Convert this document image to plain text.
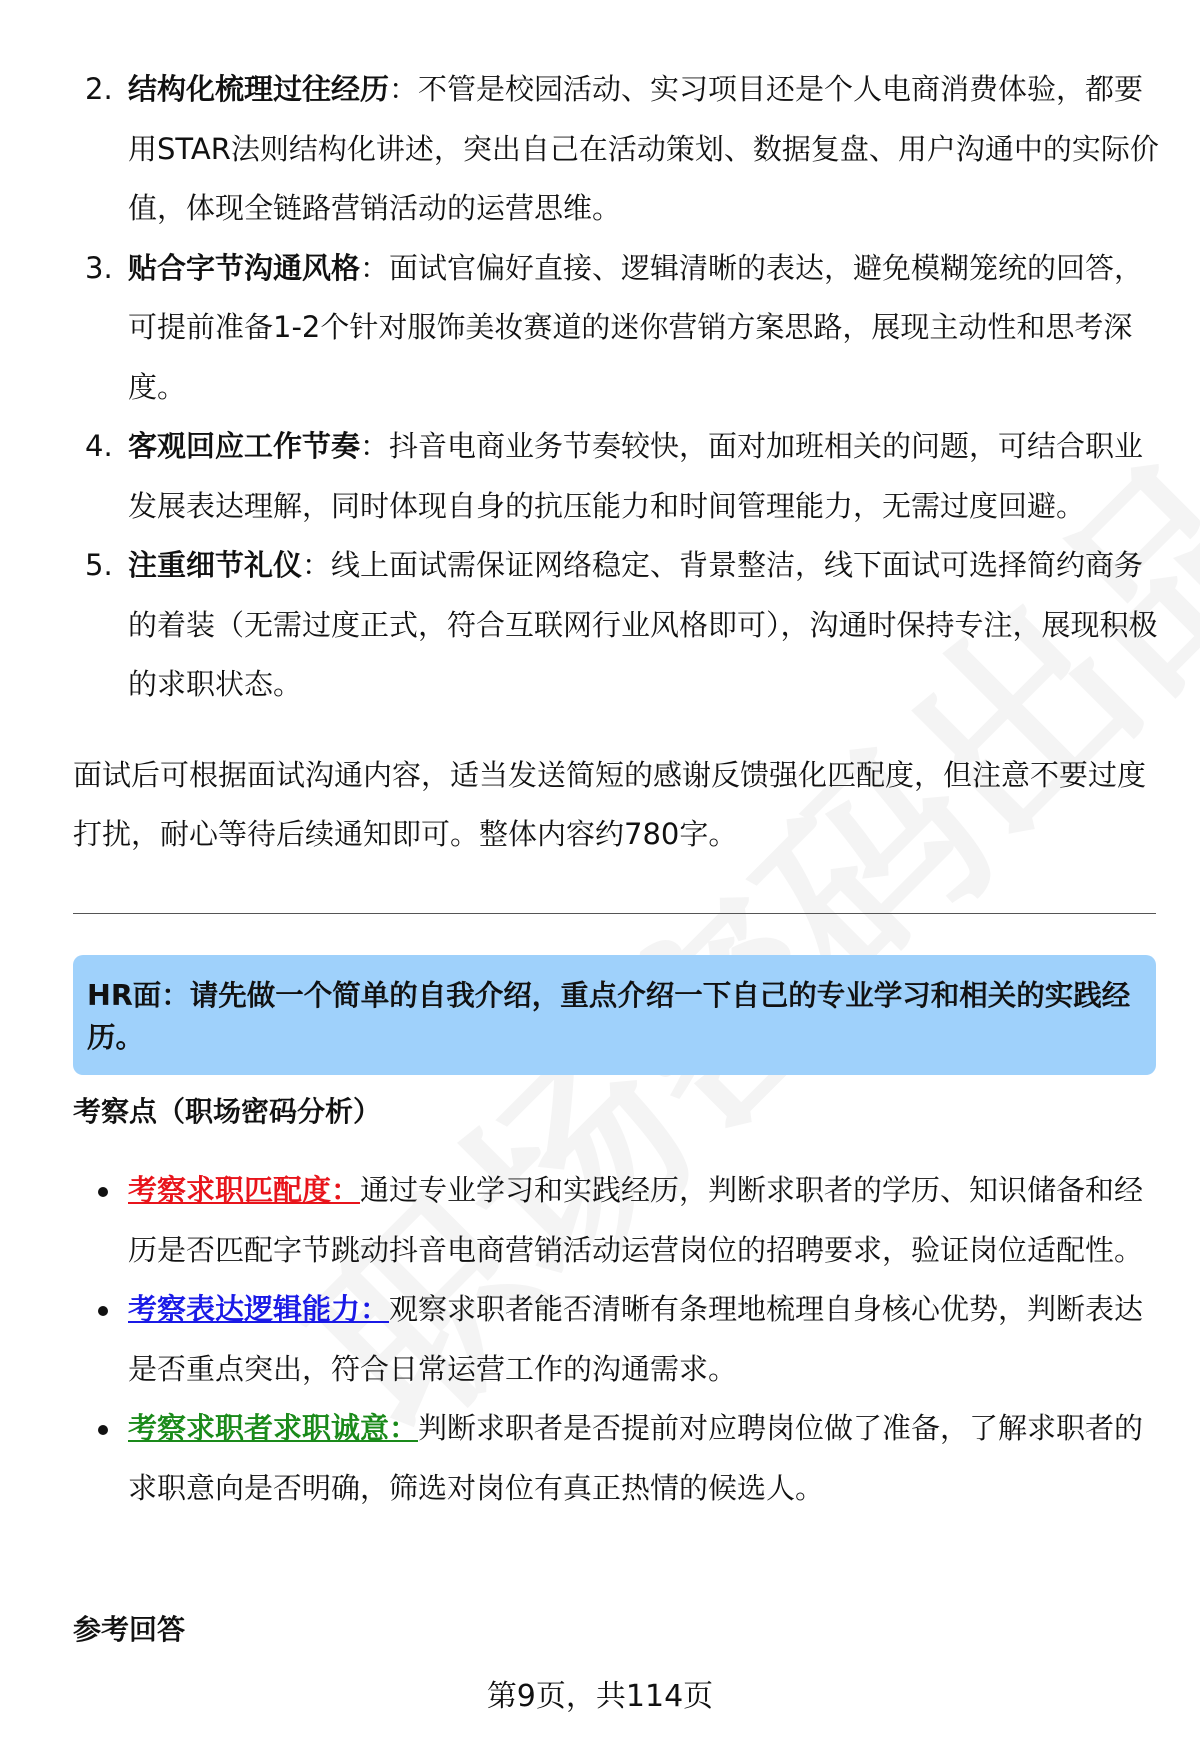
2. 结构化梳理过往经历：不管是校园活动、实习项目还是个人电商消费体验，都要用STAR法则结构化讲述，突出自己在活动策划、数据复盘、用户沟通中的实际价值，体现全链路营销活动的运营思维。
3. 贴合字节沟通风格：面试官偏好直接、逻辑清晰的表达，避免模糊笼统的回答，可提前准备1-2个针对服饰美妆赛道的迷你营销方案思路，展现主动性和思考深度。
4. 客观回应工作节奏：抖音电商业务节奏较快，面对加班相关的问题，可结合职业发展表达理解，同时体现自身的抗压能力和时间管理能力，无需过度回避。
5. 注重细节礼仪：线上面试需保证网络稳定、背景整洁，线下面试可选择简约商务的着装（无需过度正式，符合互联网行业风格即可），沟通时保持专注，展现积极的求职状态。

面试后可根据面试沟通内容，适当发送简短的感谢反馈强化匹配度，但注意不要过度打扰，耐心等待后续通知即可。整体内容约780字。

HR面：请先做一个简单的自我介绍，重点介绍一下自己的专业学习和相关的实践经历。
考察点（职场密码分析）
考察求职匹配度：通过专业学习和实践经历，判断求职者的学历、知识储备和经历是否匹配字节跳动抖音电商营销活动运营岗位的招聘要求，验证岗位适配性。
考察表达逻辑能力：观察求职者能否清晰有条理地梳理自身核心优势，判断表达是否重点突出，符合日常运营工作的沟通需求。
考察求职者求职诚意：判断求职者是否提前对应聘岗位做了准备，了解求职者的求职意向是否明确，筛选对岗位有真正热情的候选人。
参考回答
第9页，共114页
